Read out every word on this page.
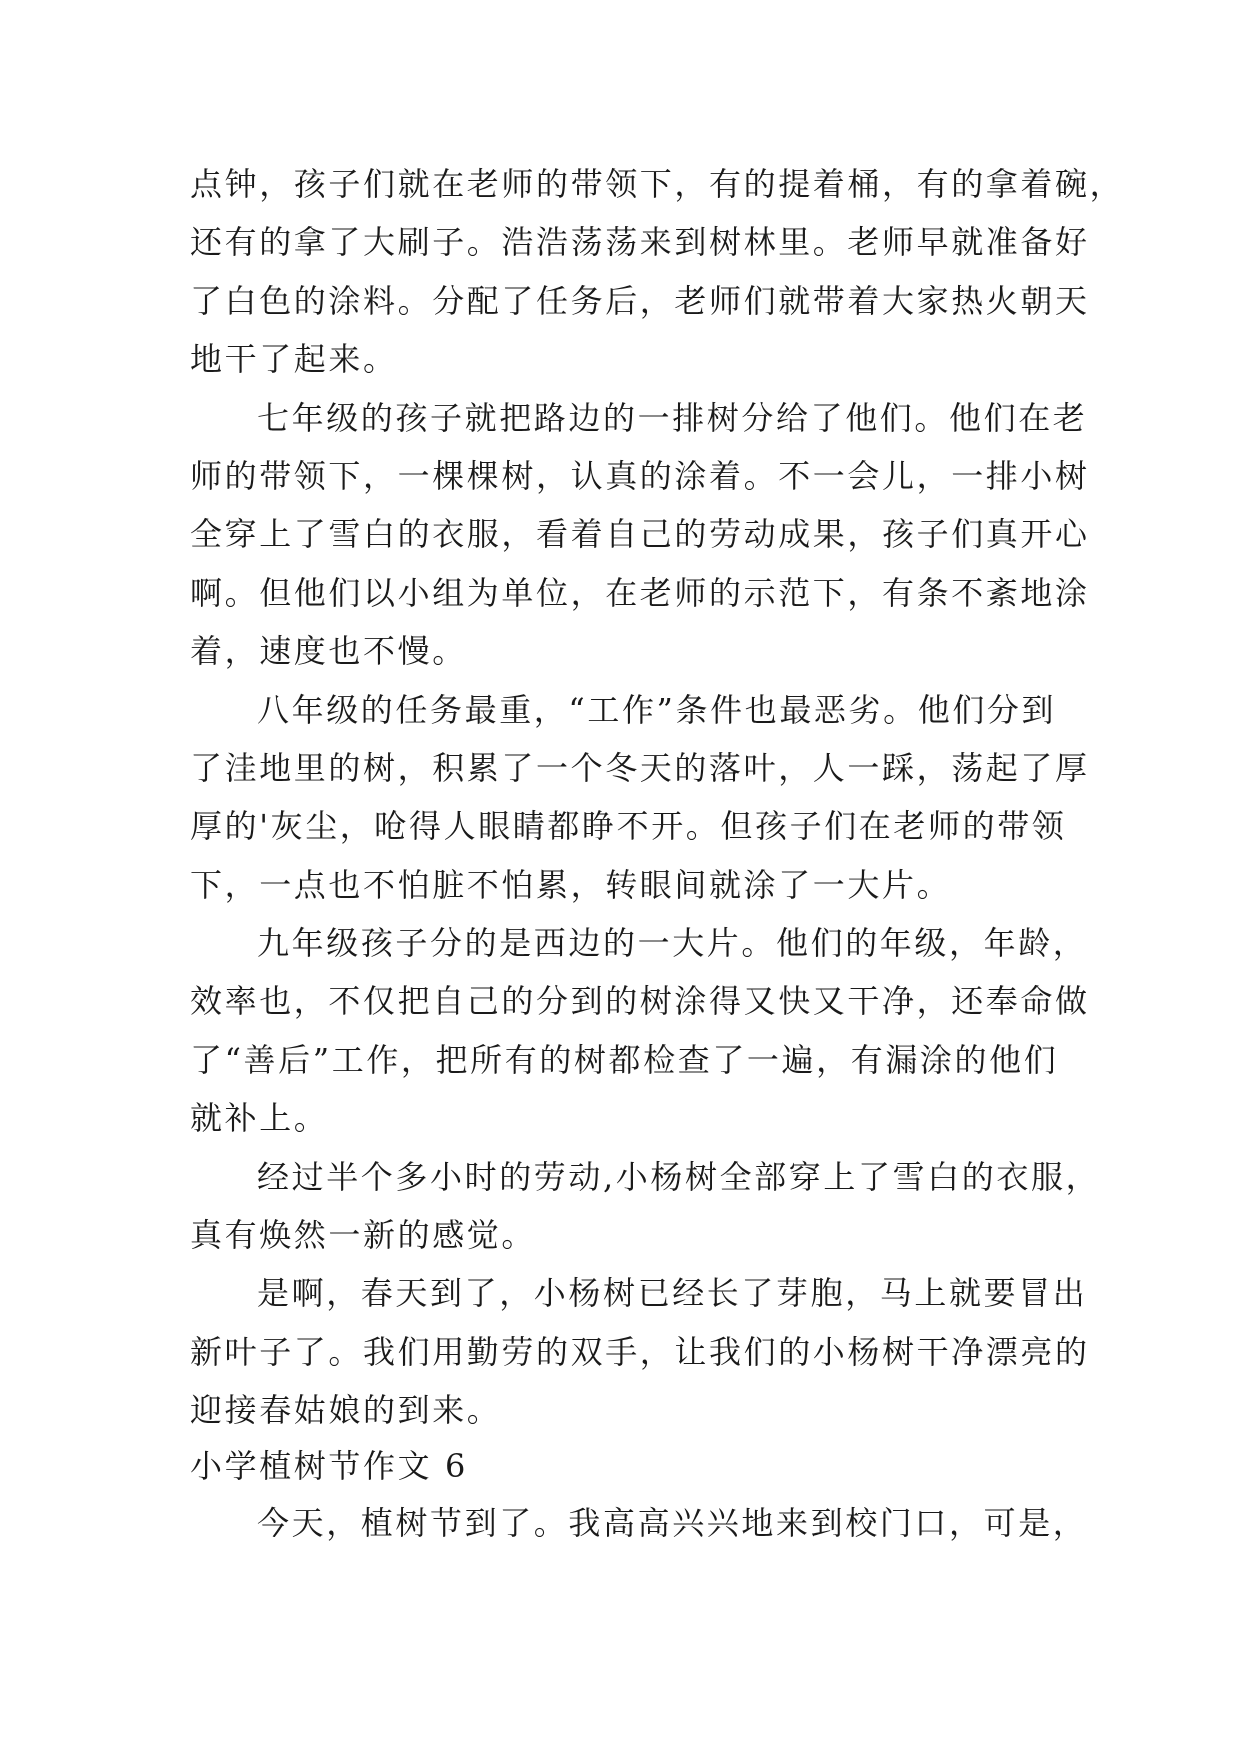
点钟，孩子们就在老师的带领下，有的提着桶，有的拿着碗，
还有的拿了大刷子。浩浩荡荡来到树林里。老师早就准备好
了白色的涂料。分配了任务后，老师们就带着大家热火朝天
地干了起来。
七年级的孩子就把路边的一排树分给了他们。他们在老
师的带领下，一棵棵树，认真的涂着。不一会儿，一排小树
全穿上了雪白的衣服，看着自己的劳动成果，孩子们真开心
啊。但他们以小组为单位，在老师的示范下，有条不紊地涂
着，速度也不慢。
八年级的任务最重，“工作”条件也最恶劣。他们分到
了洼地里的树，积累了一个冬天的落叶，人一踩，荡起了厚
厚的'灰尘，呛得人眼睛都睁不开。但孩子们在老师的带领
下，一点也不怕脏不怕累，转眼间就涂了一大片。
九年级孩子分的是西边的一大片。他们的年级，年龄，
效率也，不仅把自己的分到的树涂得又快又干净，还奉命做
了“善后”工作，把所有的树都检查了一遍，有漏涂的他们
就补上。
经过半个多小时的劳动,小杨树全部穿上了雪白的衣服，
真有焕然一新的感觉。
是啊，春天到了，小杨树已经长了芽胞，马上就要冒出
新叶子了。我们用勤劳的双手，让我们的小杨树干净漂亮的
迎接春姑娘的到来。
小学植树节作文 6
今天，植树节到了。我高高兴兴地来到校门口，可是，
